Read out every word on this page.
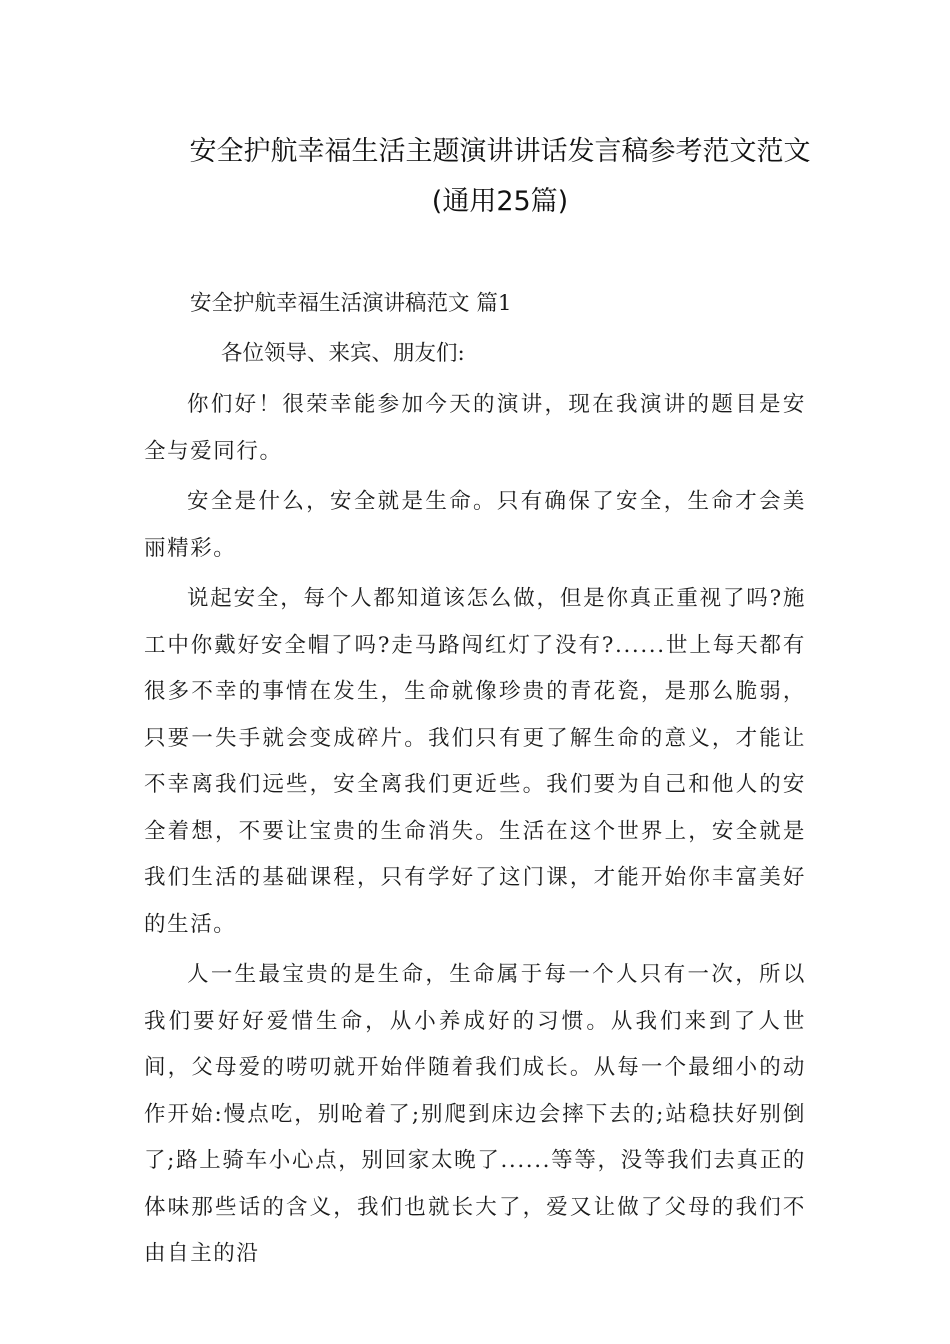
安全护航幸福生活主题演讲讲话发言稿参考范文范文
(通用25篇)
安全护航幸福生活演讲稿范文 篇1
各位领导、来宾、朋友们:

你们好！很荣幸能参加今天的演讲，现在我演讲的题目是安全与爱同行。

安全是什么，安全就是生命。只有确保了安全，生命才会美丽精彩。

说起安全，每个人都知道该怎么做，但是你真正重视了吗?施工中你戴好安全帽了吗?走马路闯红灯了没有?......世上每天都有很多不幸的事情在发生，生命就像珍贵的青花瓷，是那么脆弱，只要一失手就会变成碎片。我们只有更了解生命的意义，才能让不幸离我们远些，安全离我们更近些。我们要为自己和他人的安全着想，不要让宝贵的生命消失。生活在这个世界上，安全就是我们生活的基础课程，只有学好了这门课，才能开始你丰富美好的生活。

人一生最宝贵的是生命，生命属于每一个人只有一次，所以我们要好好爱惜生命，从小养成好的习惯。从我们来到了人世间，父母爱的唠叨就开始伴随着我们成长。从每一个最细小的动作开始:慢点吃，别呛着了;别爬到床边会摔下去的;站稳扶好别倒了;路上骑车小心点，别回家太晚了......等等，没等我们去真正的体味那些话的含义，我们也就长大了，爱又让做了父母的我们不由自主的沿
